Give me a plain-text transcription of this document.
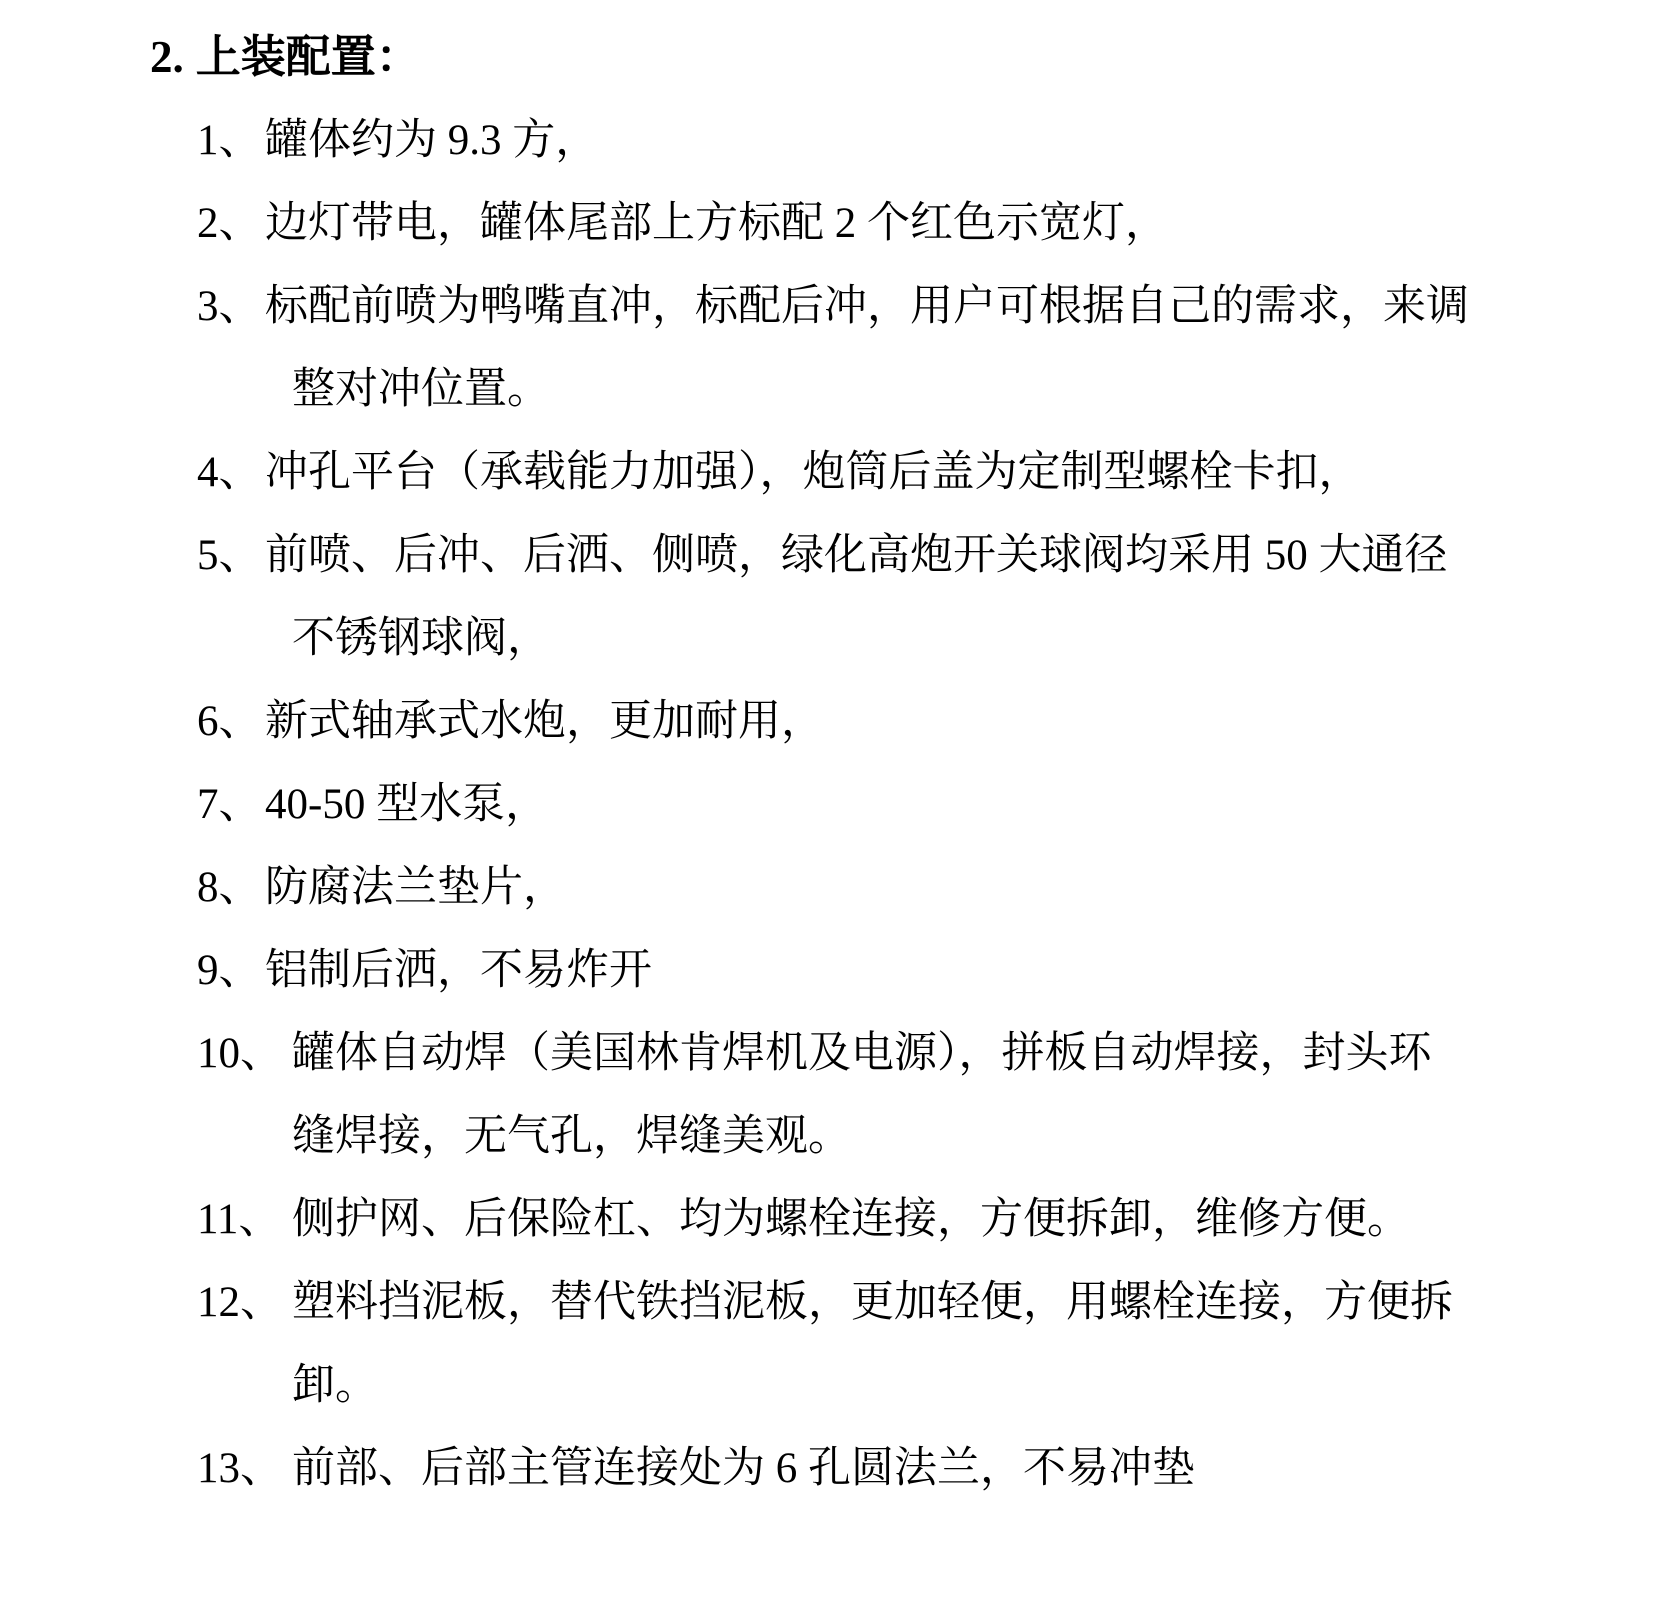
2. 上装配置：
1、罐体约为 9.3 方，
2、边灯带电，罐体尾部上方标配 2 个红色示宽灯，
3、标配前喷为鸭嘴直冲，标配后冲，用户可根据自己的需求，来调
整对冲位置。
4、冲孔平台（承载能力加强），炮筒后盖为定制型螺栓卡扣，
5、前喷、后冲、后洒、侧喷，绿化高炮开关球阀均采用 50 大通径
不锈钢球阀，
6、新式轴承式水炮，更加耐用，
7、40-50 型水泵，
8、防腐法兰垫片，
9、铝制后洒，不易炸开
10、 罐体自动焊（美国林肯焊机及电源），拼板自动焊接，封头环
缝焊接，无气孔，焊缝美观。
11、 侧护网、后保险杠、均为螺栓连接，方便拆卸，维修方便。
12、 塑料挡泥板，替代铁挡泥板，更加轻便，用螺栓连接，方便拆
卸。
13、 前部、后部主管连接处为 6 孔圆法兰，不易冲垫
